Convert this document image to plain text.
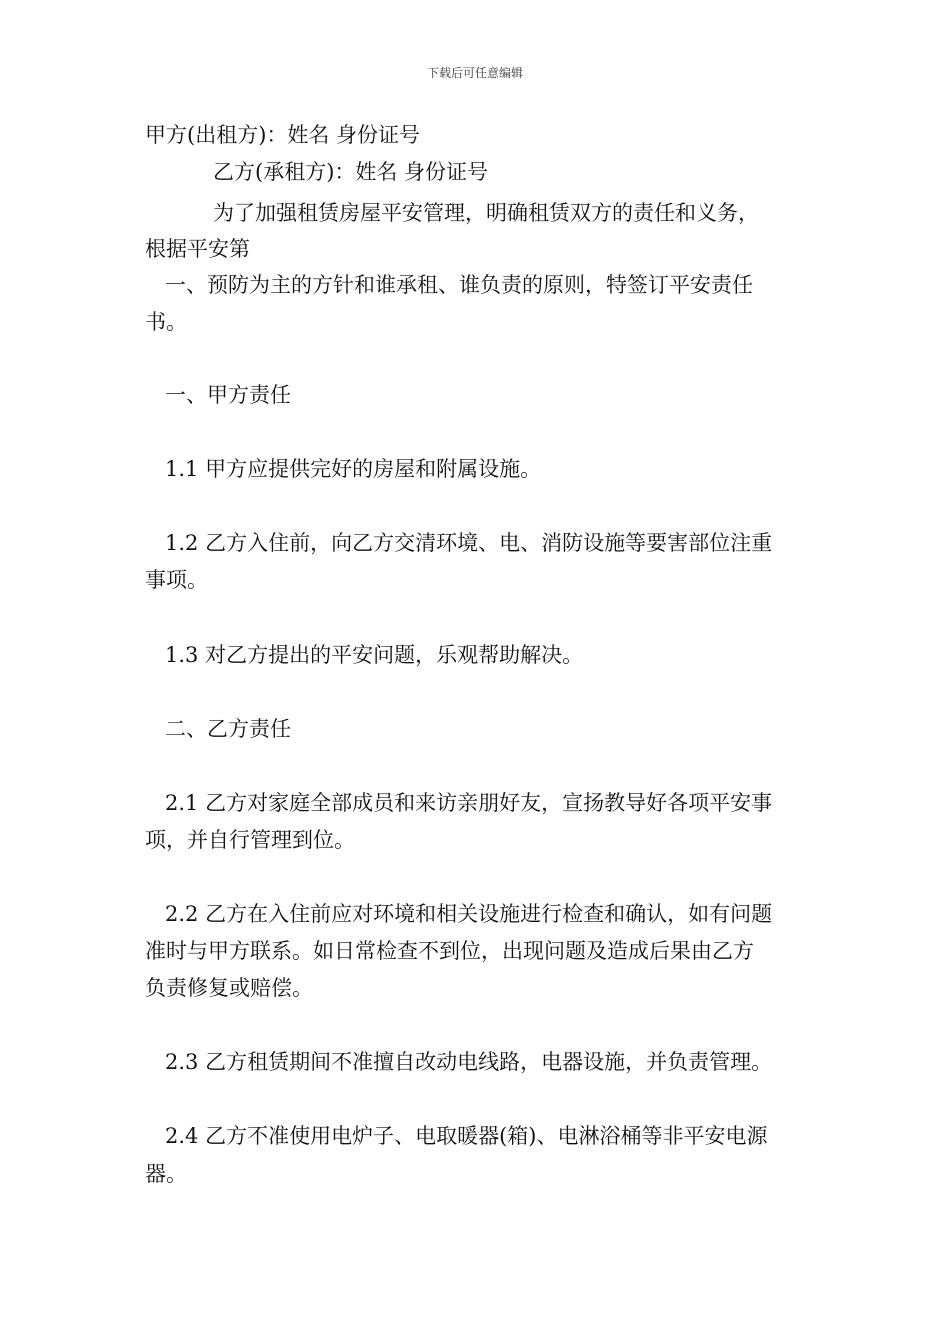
下载后可任意编辑

甲方(出租方)：姓名 身份证号

乙方(承租方)：姓名 身份证号

为了加强租赁房屋平安管理，明确租赁双方的责任和义务，

根据平安第

一、预防为主的方针和谁承租、谁负责的原则，特签订平安责任

书。

一、甲方责任

1.1 甲方应提供完好的房屋和附属设施。

1.2 乙方入住前，向乙方交清环境、电、消防设施等要害部位注重

事项。

1.3 对乙方提出的平安问题，乐观帮助解决。

二、乙方责任

2.1 乙方对家庭全部成员和来访亲朋好友，宣扬教导好各项平安事

项，并自行管理到位。

2.2 乙方在入住前应对环境和相关设施进行检查和确认，如有问题

准时与甲方联系。如日常检查不到位，出现问题及造成后果由乙方

负责修复或赔偿。

2.3 乙方租赁期间不准擅自改动电线路，电器设施，并负责管理。

2.4 乙方不准使用电炉子、电取暖器(箱)、电淋浴桶等非平安电源

器。
